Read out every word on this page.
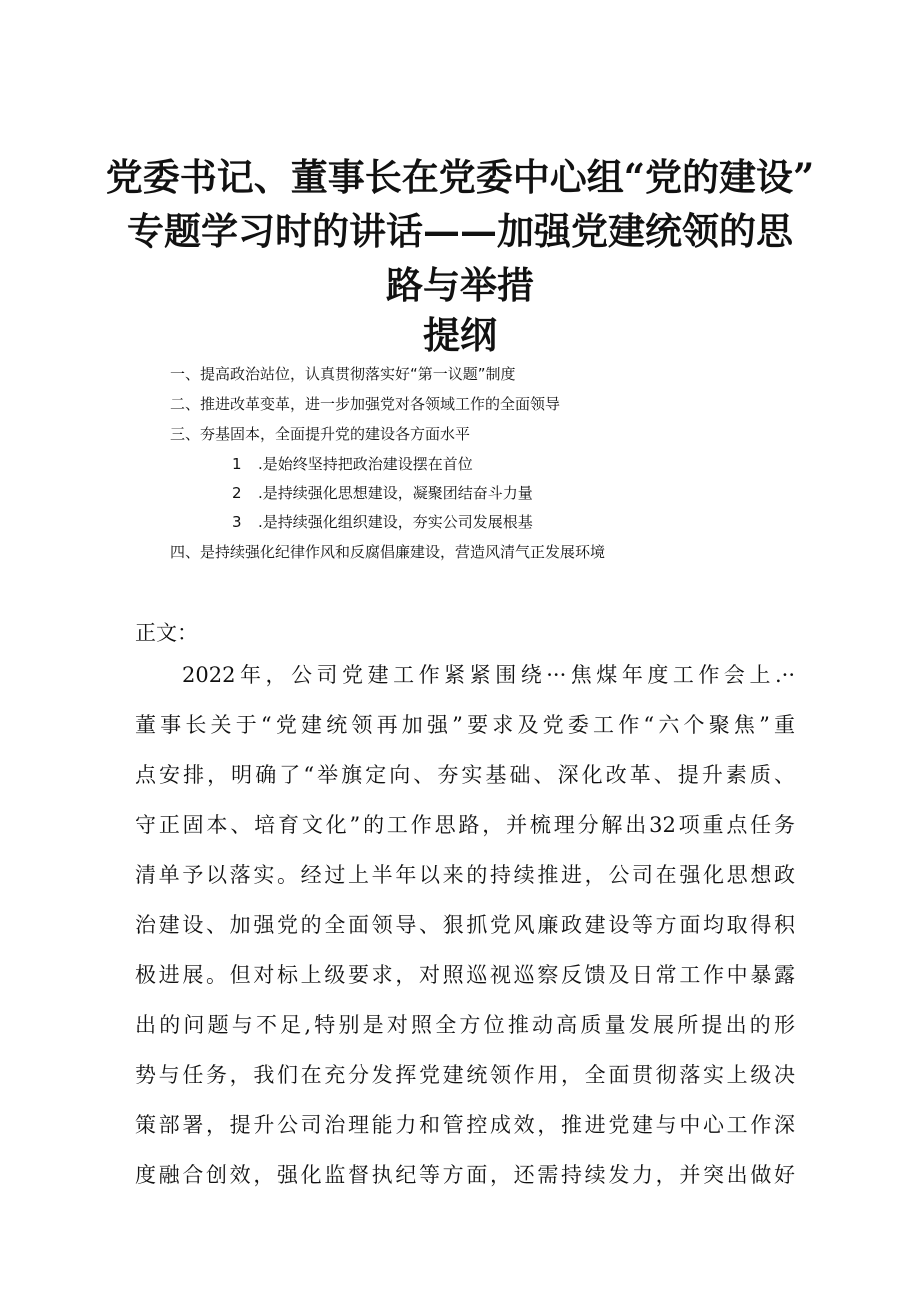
党委书记、董事长在党委中心组“党的建设”
专题学习时的讲话——加强党建统领的思
路与举措
提纲
一、提高政治站位，认真贯彻落实好“第一议题”制度
二、推进改革变革，进一步加强党对各领域工作的全面领导
三、夯基固本，全面提升党的建设各方面水平
1 .是始终坚持把政治建设摆在首位
2 .是持续强化思想建设，凝聚团结奋斗力量
3 .是持续强化组织建设，夯实公司发展根基
四、是持续强化纪律作风和反腐倡廉建设，营造风清气正发展环境
正文：
2022年，公司党建工作紧紧围绕···焦煤年度工作会上.··
董事长关于“党建统领再加强”要求及党委工作“六个聚焦”重
点安排，明确了“举旗定向、夯实基础、深化改革、提升素质、
守正固本、培育文化”的工作思路，并梳理分解出32项重点任务
清单予以落实。经过上半年以来的持续推进，公司在强化思想政
治建设、加强党的全面领导、狠抓党风廉政建设等方面均取得积
极进展。但对标上级要求，对照巡视巡察反馈及日常工作中暴露
出的问题与不足,特别是对照全方位推动高质量发展所提出的形
势与任务，我们在充分发挥党建统领作用，全面贯彻落实上级决
策部署，提升公司治理能力和管控成效，推进党建与中心工作深
度融合创效，强化监督执纪等方面，还需持续发力，并突出做好
